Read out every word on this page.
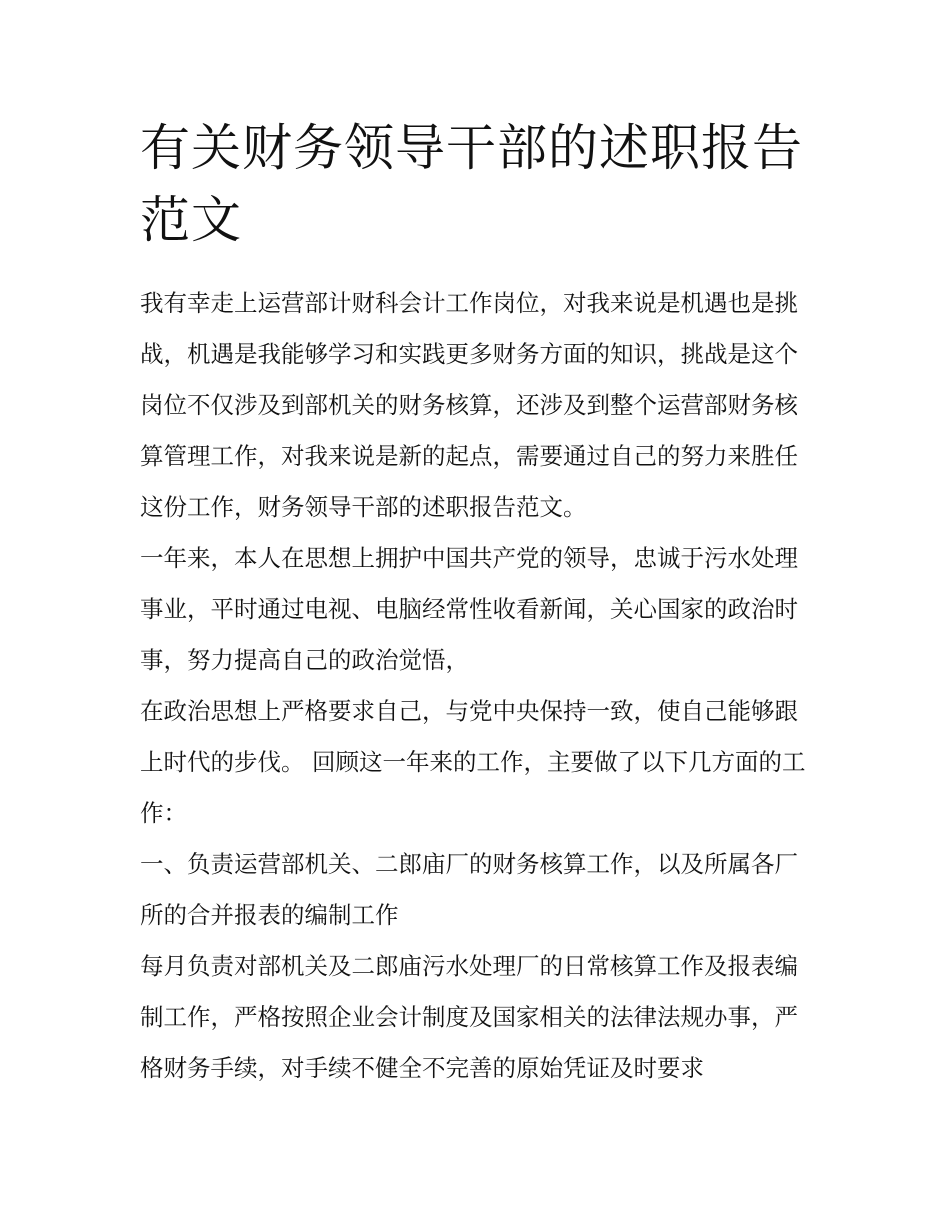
有关财务领导干部的述职报告范文

我有幸走上运营部计财科会计工作岗位，对我来说是机遇也是挑战，机遇是我能够学习和实践更多财务方面的知识，挑战是这个岗位不仅涉及到部机关的财务核算，还涉及到整个运营部财务核算管理工作，对我来说是新的起点，需要通过自己的努力来胜任这份工作，财务领导干部的述职报告范文。

一年来，本人在思想上拥护中国共产党的领导，忠诚于污水处理事业，平时通过电视、电脑经常性收看新闻，关心国家的政治时事，努力提高自己的政治觉悟，

在政治思想上严格要求自己，与党中央保持一致，使自己能够跟上时代的步伐。 回顾这一年来的工作，主要做了以下几方面的工作：

一、负责运营部机关、二郎庙厂的财务核算工作，以及所属各厂所的合并报表的编制工作

每月负责对部机关及二郎庙污水处理厂的日常核算工作及报表编制工作，严格按照企业会计制度及国家相关的法律法规办事，严格财务手续，对手续不健全不完善的原始凭证及时要求
